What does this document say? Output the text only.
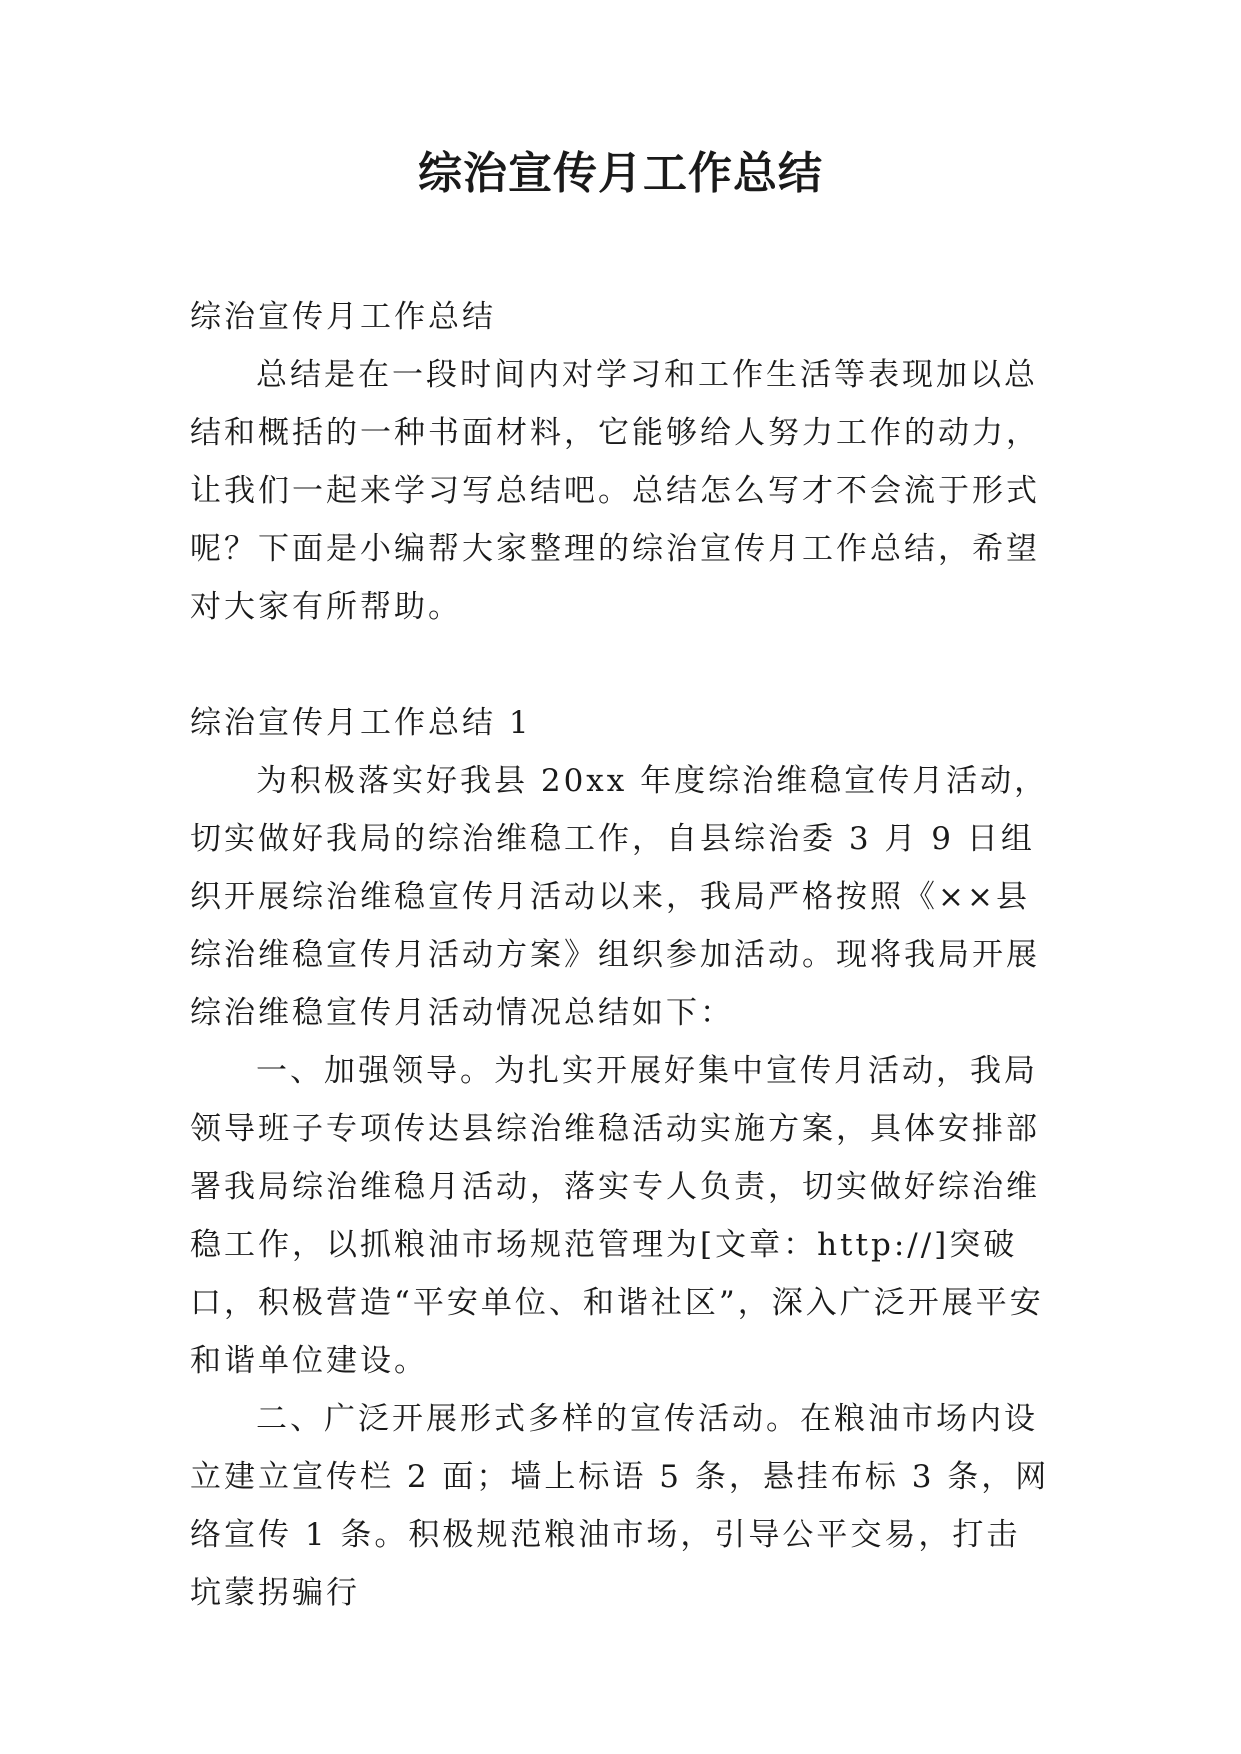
综治宣传月工作总结

综治宣传月工作总结

总结是在一段时间内对学习和工作生活等表现加以总结和概括的一种书面材料，它能够给人努力工作的动力，让我们一起来学习写总结吧。总结怎么写才不会流于形式呢？下面是小编帮大家整理的综治宣传月工作总结，希望对大家有所帮助。

综治宣传月工作总结 1

为积极落实好我县 20xx 年度综治维稳宣传月活动，切实做好我局的综治维稳工作，自县综治委 3 月 9 日组织开展综治维稳宣传月活动以来，我局严格按照《××县综治维稳宣传月活动方案》组织参加活动。现将我局开展综治维稳宣传月活动情况总结如下：

一、加强领导。为扎实开展好集中宣传月活动，我局领导班子专项传达县综治维稳活动实施方案，具体安排部署我局综治维稳月活动，落实专人负责，切实做好综治维稳工作，以抓粮油市场规范管理为[文章：http://]突破口，积极营造“平安单位、和谐社区”，深入广泛开展平安和谐单位建设。

二、广泛开展形式多样的宣传活动。在粮油市场内设立建立宣传栏 2 面；墙上标语 5 条，悬挂布标 3 条，网络宣传 1 条。积极规范粮油市场，引导公平交易，打击坑蒙拐骗行
